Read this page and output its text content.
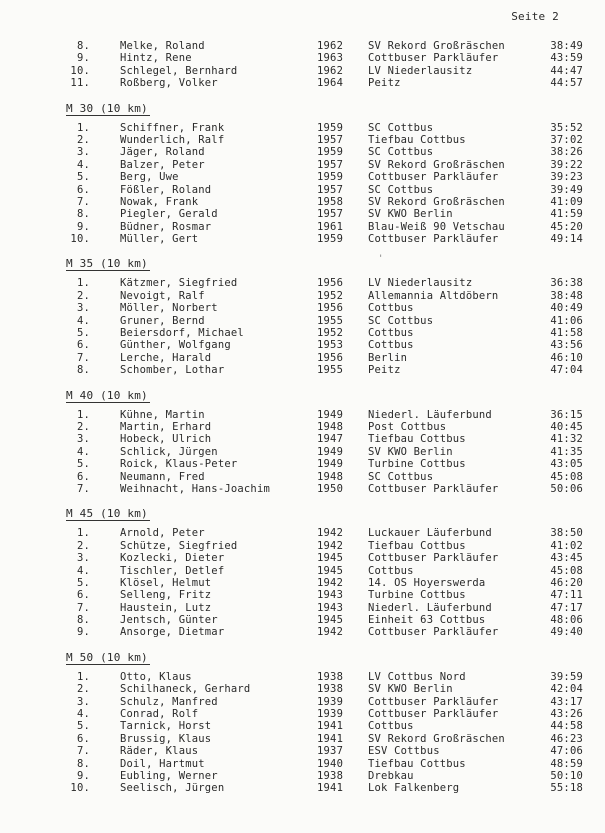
Seite 2
8.	Melke, Roland	1962 SV Rekord Großräschen	38:49
9.	Hintz, Rene	1963 Cottbuser Parkläufer	43:59
10.	Schlegel, Bernhard	1962 LV Niederlausitz	44:47
11.	Roßberg, Volker	1964 Peitz	44:57
M 30 (10 km)
1.	Schiffner, Frank	1959 SC Cottbus	35:52
2.	Wunderlich, Ralf	1957 Tiefbau Cottbus	37:02
3.	Jäger, Roland	1959 SC Cottbus	38:26
4.	Balzer, Peter	1957 SV Rekord Großräschen	39:22
5.	Berg, Uwe	1959 Cottbuser Parkläufer	39:23
6.	Fößler, Roland	1957 SC Cottbus	39:49
7.	Nowak, Frank	1958 SV Rekord Großräschen	41:09
8.	Piegler, Gerald	1957 SV KWO Berlin	41:59
9.	Büdner, Rosmar	1961 Blau-Weiß 90 Vetschau	45:20
10.	Müller, Gert	1959 Cottbuser Parkläufer	49:14
M 35 (10 km)
1.	Kätzmer, Siegfried	1956 LV Niederlausitz	36:38
2.	Nevoigt, Ralf	1952 Allemannia Altdöbern	38:48
3.	Möller, Norbert	1956 Cottbus	40:49
4.	Gruner, Bernd	1955 SC Cottbus	41:06
5.	Beiersdorf, Michael	1952 Cottbus	41:58
6.	Günther, Wolfgang	1953 Cottbus	43:56
7.	Lerche, Harald	1956 Berlin	46:10
8.	Schomber, Lothar	1955 Peitz	47:04
M 40 (10 km)
1.	Kühne, Martin	1949 Niederl. Läuferbund	36:15
2.	Martin, Erhard	1948 Post Cottbus	40:45
3.	Hobeck, Ulrich	1947 Tiefbau Cottbus	41:32
4.	Schlick, Jürgen	1949 SV KWO Berlin	41:35
5.	Roick, Klaus-Peter	1949 Turbine Cottbus	43:05
6.	Neumann, Fred	1948 SC Cottbus	45:08
7.	Weihnacht, Hans-Joachim	1950 Cottbuser Parkläufer	50:06
M 45 (10 km)
1.	Arnold, Peter	1942 Luckauer Läuferbund	38:50
2.	Schütze, Siegfried	1942 Tiefbau Cottbus	41:02
3.	Kozlecki, Dieter	1945 Cottbuser Parkläufer	43:45
4.	Tischler, Detlef	1945 Cottbus	45:08
5.	Klösel, Helmut	1942 14. OS Hoyerswerda	46:20
6.	Selleng, Fritz	1943 Turbine Cottbus	47:11
7.	Haustein, Lutz	1943 Niederl. Läuferbund	47:17
8.	Jentsch, Günter	1945 Einheit 63 Cottbus	48:06
9.	Ansorge, Dietmar	1942 Cottbuser Parkläufer	49:40
M 50 (10 km)
1.	Otto, Klaus	1938 LV Cottbus Nord	39:59
2.	Schilhaneck, Gerhard	1938 SV KWO Berlin	42:04
3.	Schulz, Manfred	1939 Cottbuser Parkläufer	43:17
4.	Conrad, Rolf	1939 Cottbuser Parkläufer	43:26
5.	Tarnick, Horst	1941 Cottbus	44:58
6.	Brussig, Klaus	1941 SV Rekord Großräschen	46:23
7.	Räder, Klaus	1937 ESV Cottbus	47:06
8.	Doil, Hartmut	1940 Tiefbau Cottbus	48:59
9.	Eubling, Werner	1938 Drebkau	50:10
10.	Seelisch, Jürgen	1941 Lok Falkenberg	55:18
'
